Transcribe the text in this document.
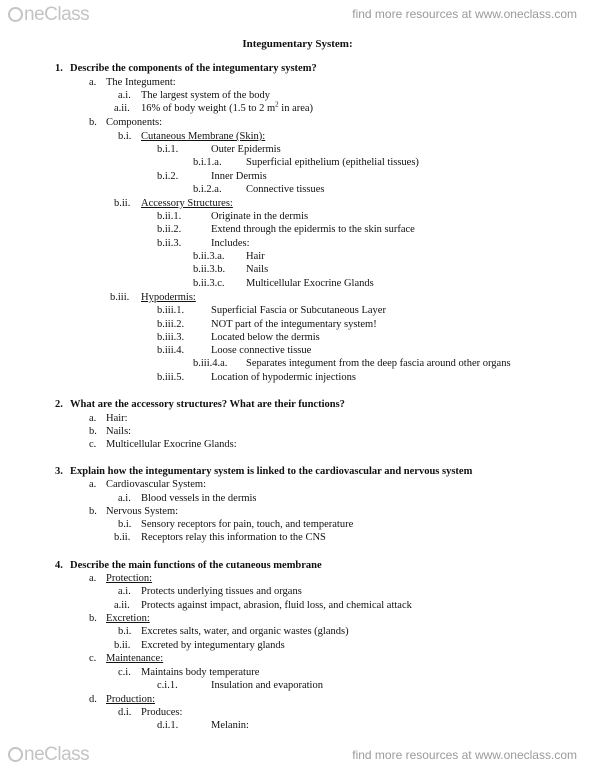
neClass	find more resources at www.oneclass.com
Integumentary System:
1. Describe the components of the integumentary system?
a. The Integument:
a.i. The largest system of the body
a.ii. 16% of body weight (1.5 to 2 $m^2$ in area)
b. Components:
b.i. Cutaneous Membrane (Skin):
b.i.1.	Outer Epidermis
b.i.1.a. Superficial epithelium (epithelial tissues)
b.i.2.	Inner Dermis
b.i.2.a. Connective tissues
b.ii. Accessory Structures:
b.ii.1.	Originate in the dermis
b.ii.2.	Extend through the epidermis to the skin surface
b.ii.3.	Includes:
b.ii.3.a. Hair
b.ii.3.b. Nails
b.ii.3.c. Multicellular Exocrine Glands
b.iii. Hypodermis:
b.iii.1.	Superficial Fascia or Subcutaneous Layer
b.iii.2.	NOT part of the integumentary system!
b.iii.3.	Located below the dermis
b.iii.4.	Loose connective tissue
b.iii.4.a. Separates integument from the deep fascia around other organs
b.iii.5.	Location of hypodermic injections
2. What are the accessory structures? What are their functions?
a. Hair:
b. Nails:
c. Multicellular Exocrine Glands:
3. Explain how the integumentary system is linked to the cardiovascular and nervous system
a. Cardiovascular System:
a.i. Blood vessels in the dermis
b. Nervous System:
b.i. Sensory receptors for pain, touch, and temperature
b.ii. Receptors relay this information to the CNS
4. Describe the main functions of the cutaneous membrane
a. Protection:
a.i. Protects underlying tissues and organs
a.ii. Protects against impact, abrasion, fluid loss, and chemical attack
b. Excretion:
b.i. Excretes salts, water, and organic wastes (glands)
b.ii. Excreted by integumentary glands
c. Maintenance:
c.i. Maintains body temperature
c.i.1.	Insulation and evaporation
d. Production:
d.i. Produces:
d.i.1.	Melanin:
neClass	find more resources at www.oneclass.com
